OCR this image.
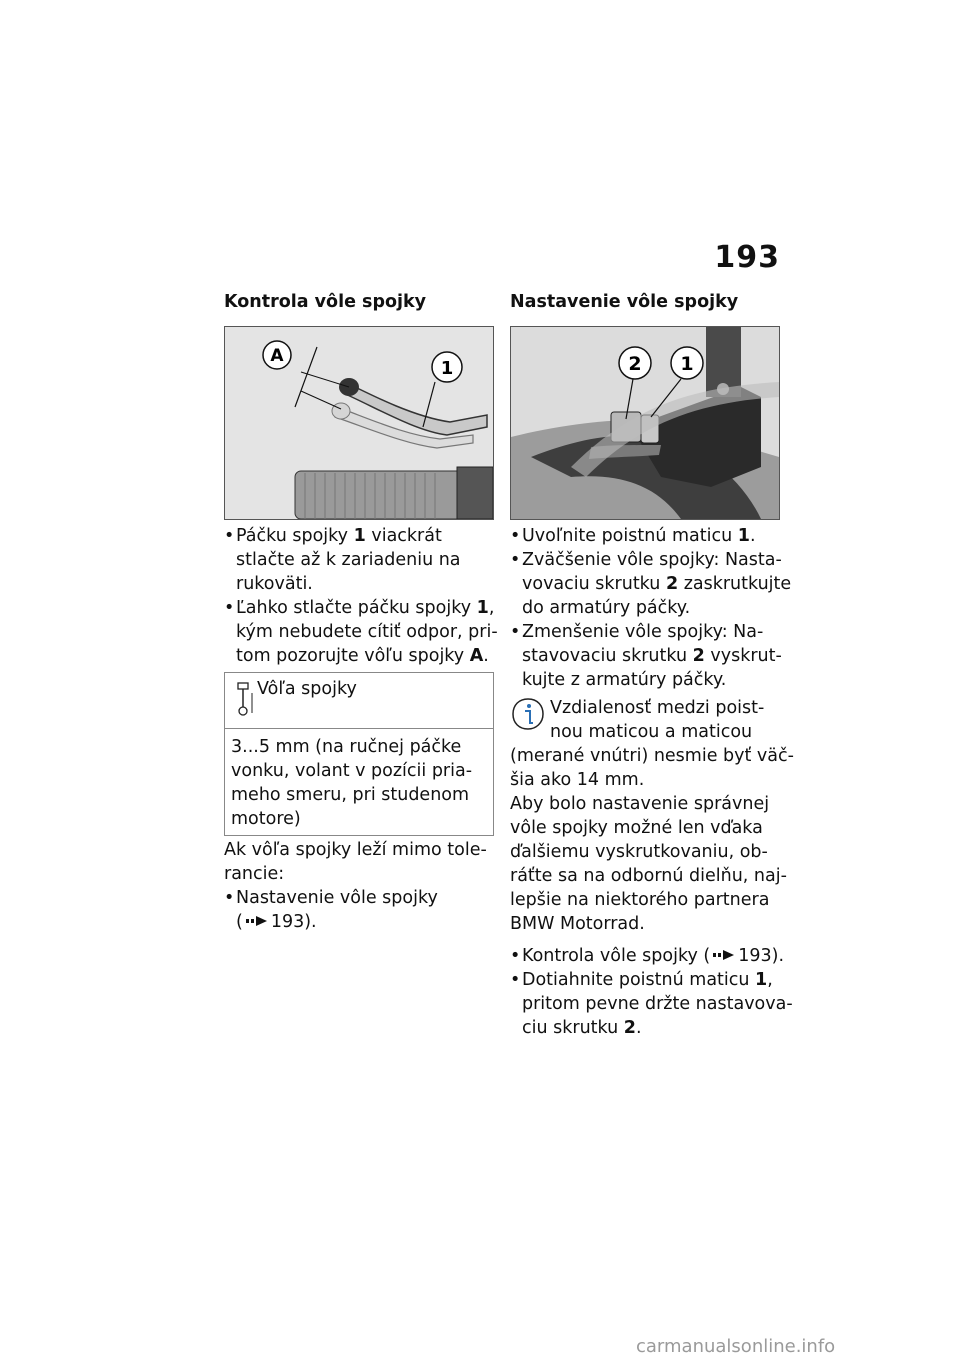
193
Kontrola vôle spojky
A
1
• Páčku spojky 1 viackrát
stlačte až k zariadeniu na
rukoväti.
• Ľahko stlačte páčku spojky 1,
kým nebudete cítiť odpor, pri-
tom pozorujte vôľu spojky A.
Vôľa spojky
3...5 mm (na ručnej páčke
vonku, volant v pozícii pria-
meho smeru, pri studenom
motore)
Ak vôľa spojky leží mimo tole-
rancie:
• Nastavenie vôle spojky
( 193).
Nastavenie vôle spojky
2 1
• Uvoľnite poistnú maticu 1.
• Zväčšenie vôle spojky: Nasta-
vovaciu skrutku 2 zaskrutkujte
do armatúry páčky.
• Zmenšenie vôle spojky: Na-
stavovaciu skrutku 2 vyskrut-
kujte z armatúry páčky.
Vzdialenosť medzi poist-
nou maticou a maticou
(merané vnútri) nesmie byť väč-
šia ako 14 mm.
Aby bolo nastavenie správnej
vôle spojky možné len vďaka
ďalšiemu vyskrutkovaniu, ob-
ráťte sa na odbornú dielňu, naj-
lepšie na niektorého partnera
BMW Motorrad.
• Kontrola vôle spojky ( 193).
• Dotiahnite poistnú maticu 1,
pritom pevne držte nastavova-
ciu skrutku 2.
carmanualsonline.info
